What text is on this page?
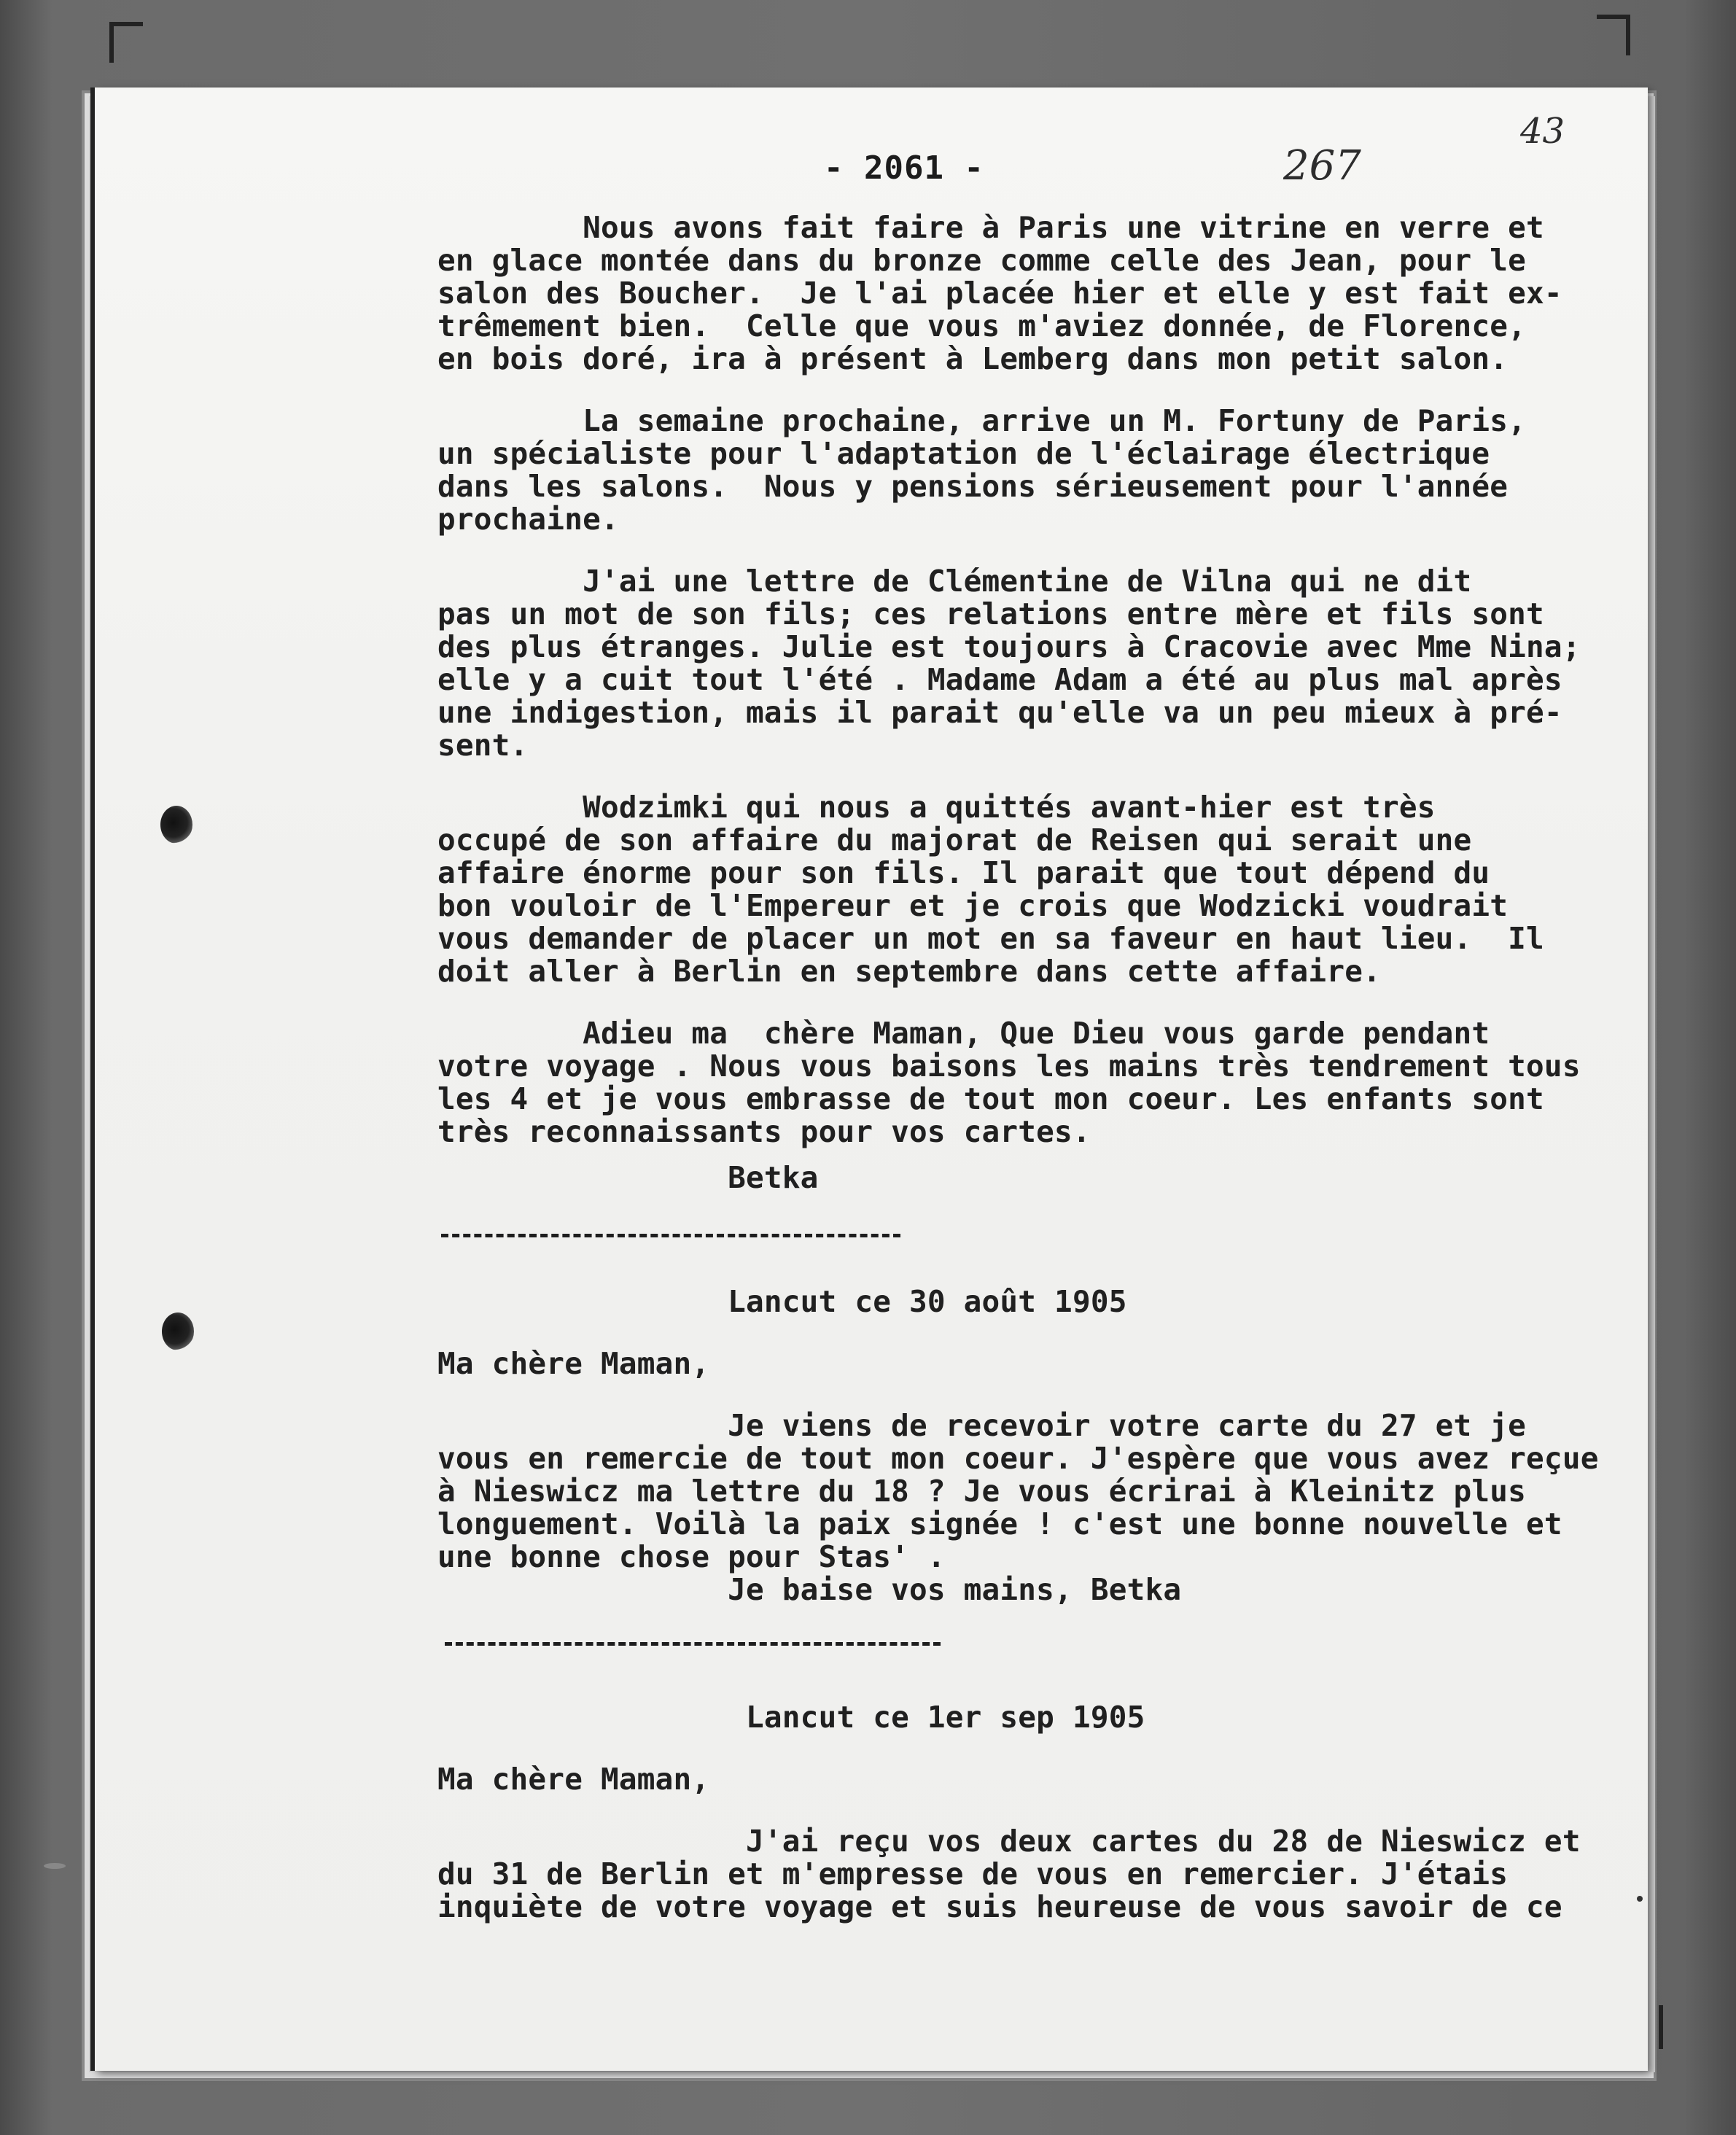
- 2061 -	267
43
Nous avons fait faire à Paris une vitrine en verre et
en glace montée dans du bronze comme celle des Jean, pour le
salon des Boucher.  Je l'ai placée hier et elle y est fait ex-
trêmement bien.  Celle que vous m'aviez donnée, de Florence,
en bois doré, ira à présent à Lemberg dans mon petit salon.
La semaine prochaine, arrive un M. Fortuny de Paris,
un spécialiste pour l'adaptation de l'éclairage électrique
dans les salons.  Nous y pensions sérieusement pour l'année
prochaine.
J'ai une lettre de Clémentine de Vilna qui ne dit
pas un mot de son fils; ces relations entre mère et fils sont
des plus étranges. Julie est toujours à Cracovie avec Mme Nina;
elle y a cuit tout l'été . Madame Adam a été au plus mal après
une indigestion, mais il parait qu'elle va un peu mieux à pré-
sent.
Wodzimki qui nous a quittés avant-hier est très
occupé de son affaire du majorat de Reisen qui serait une
affaire énorme pour son fils. Il parait que tout dépend du
bon vouloir de l'Empereur et je crois que Wodzicki voudrait
vous demander de placer un mot en sa faveur en haut lieu.  Il
doit aller à Berlin en septembre dans cette affaire.
Adieu ma  chère Maman, Que Dieu vous garde pendant
votre voyage . Nous vous baisons les mains très tendrement tous
les 4 et je vous embrasse de tout mon coeur. Les enfants sont
très reconnaissants pour vos cartes.
Betka
Lancut ce 30 août 1905
Ma chère Maman,
Je viens de recevoir votre carte du 27 et je
vous en remercie de tout mon coeur. J'espère que vous avez reçue
à Nieswicz ma lettre du 18 ? Je vous écrirai à Kleinitz plus
longuement. Voilà la paix signée ! c'est une bonne nouvelle et
une bonne chose pour Stas' .
Je baise vos mains, Betka
Lancut ce 1er sep 1905
Ma chère Maman,
J'ai reçu vos deux cartes du 28 de Nieswicz et
du 31 de Berlin et m'empresse de vous en remercier. J'étais
inquiète de votre voyage et suis heureuse de vous savoir de ce
